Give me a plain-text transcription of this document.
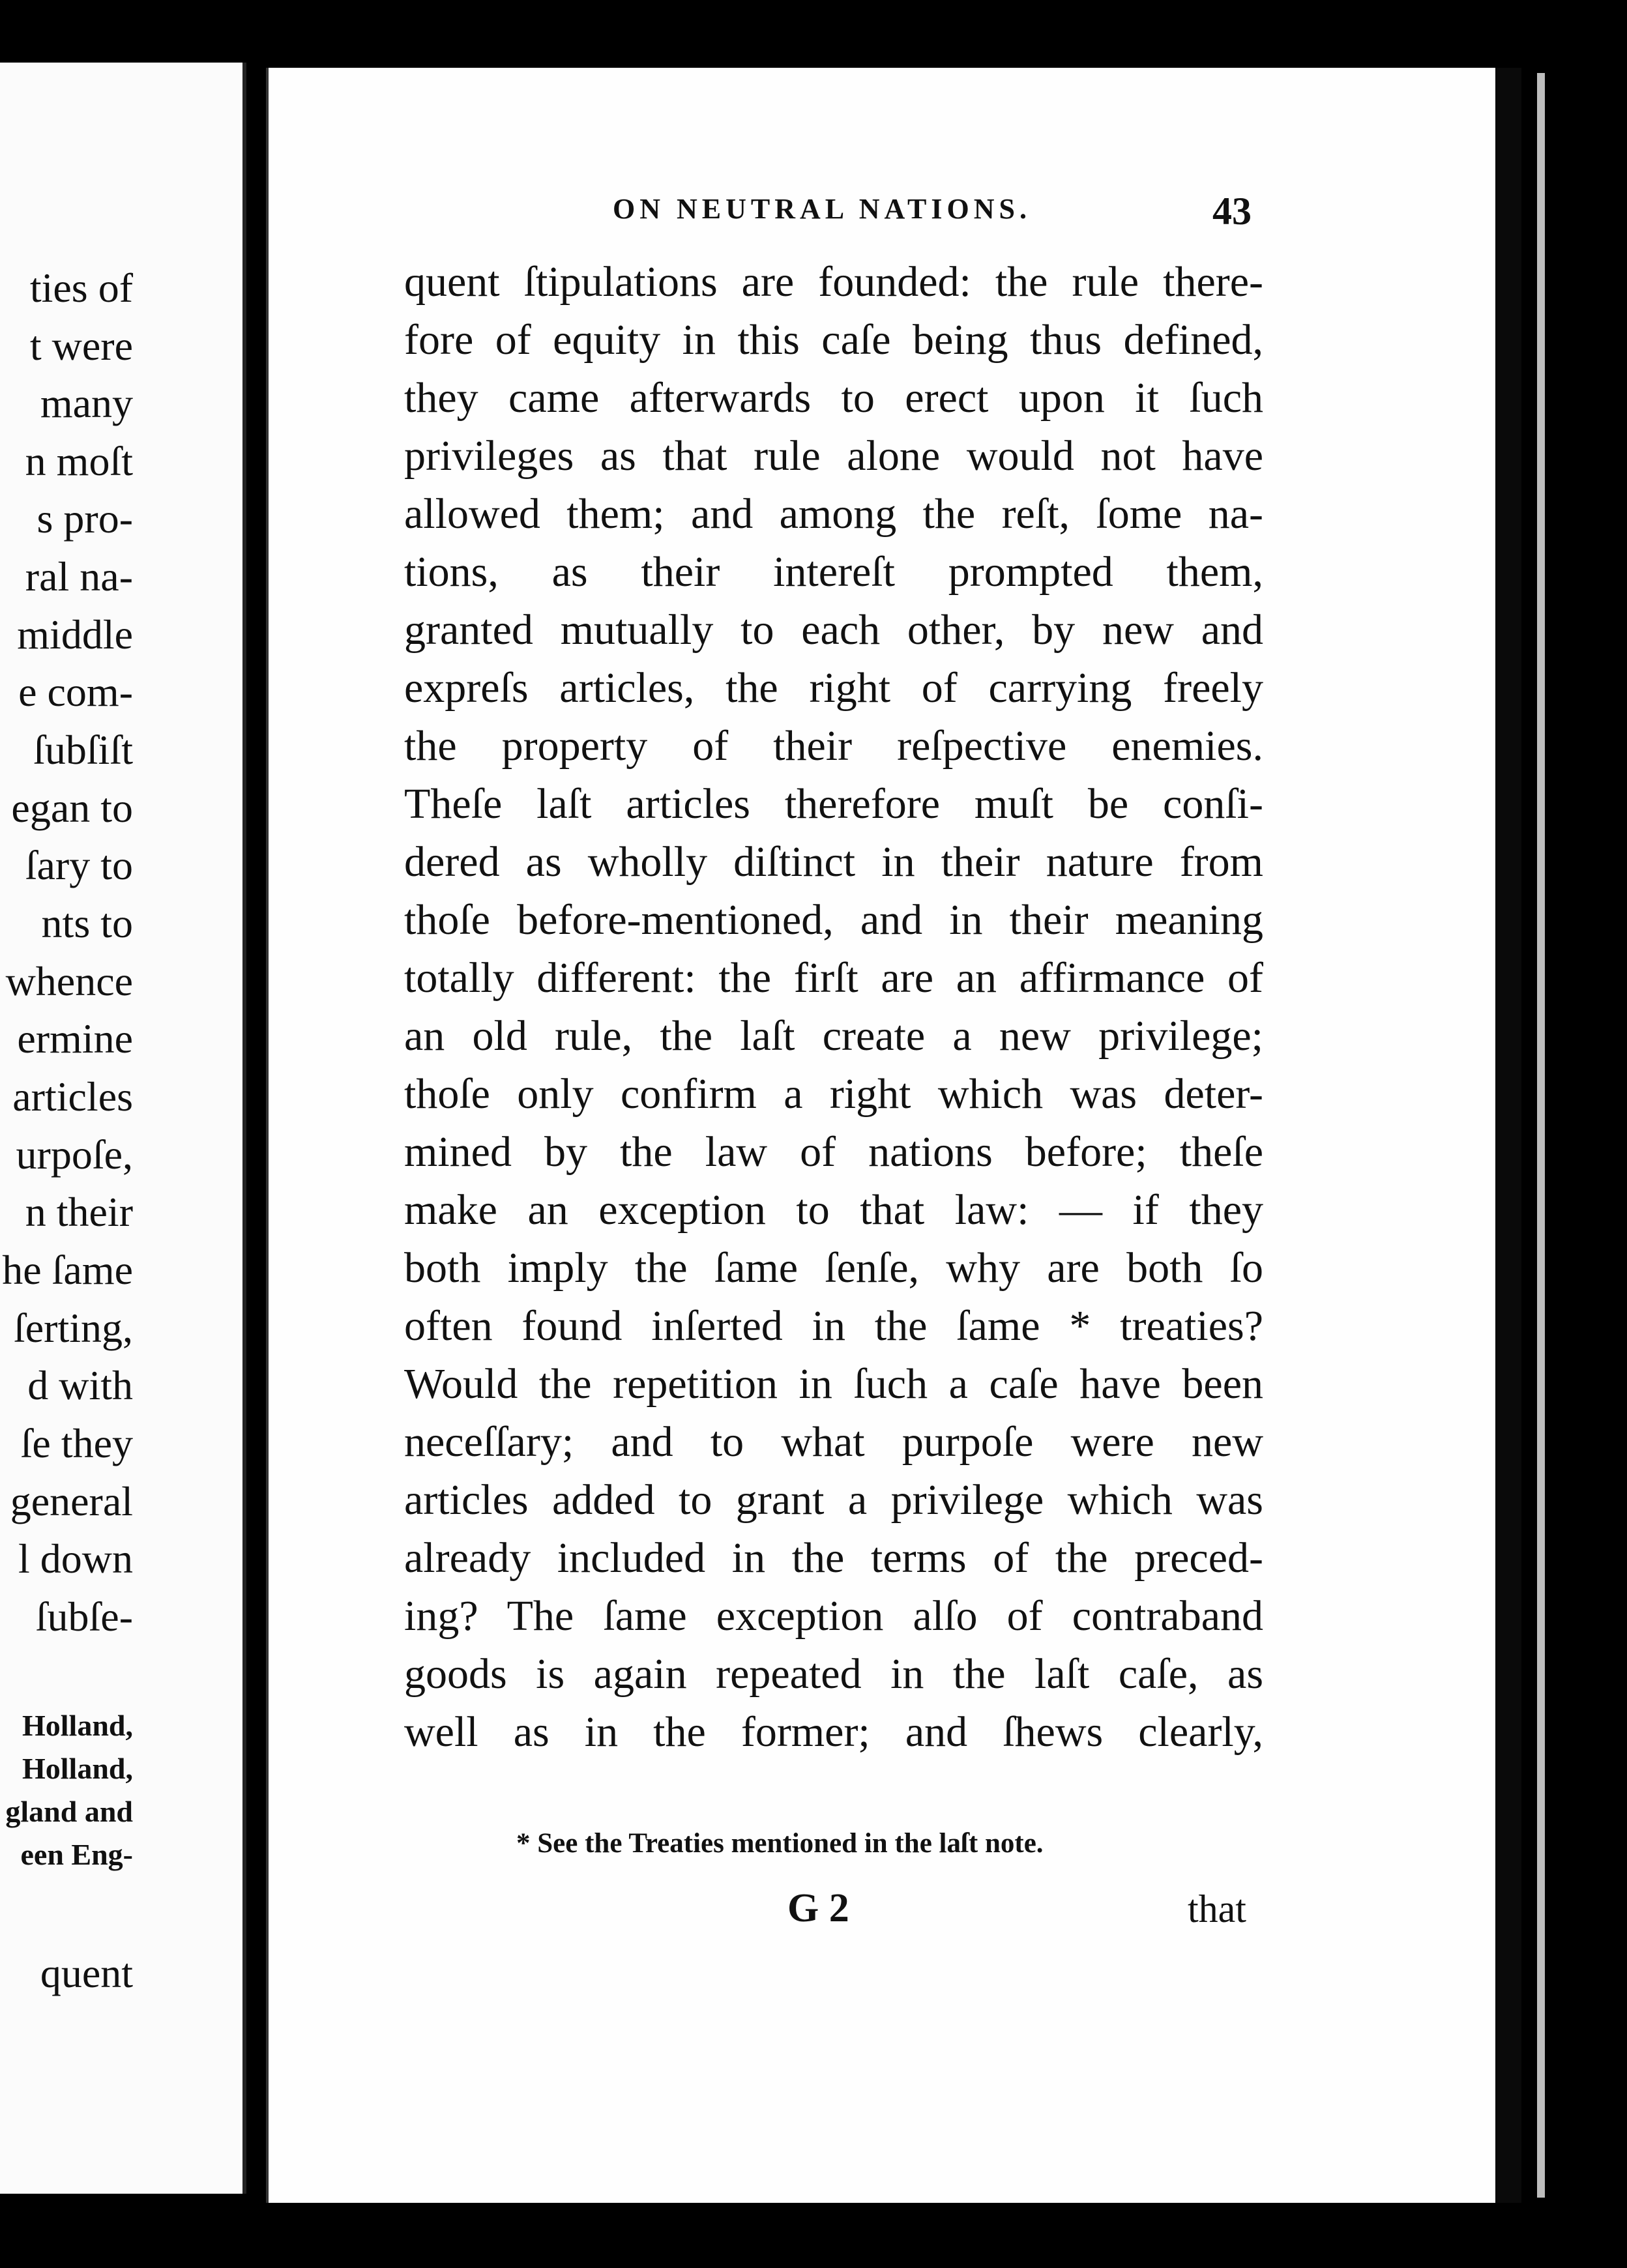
ties of
t were
many
n moſt
s pro-
ral na-
middle
e com-
ſubſiſt
egan to
ſary to
nts to
whence
ermine
articles
urpoſe,
n their
he ſame
ſerting,
d with
ſe they
general
l down
ſubſe-
Holland,
Holland,
gland and
een Eng-
quent
ON NEUTRAL NATIONS.	43
quent ſtipulations are founded: the rule there-
fore of equity in this caſe being thus defined,
they came afterwards to erect upon it ſuch
privileges as that rule alone would not have
allowed them; and among the reſt, ſome na-
tions, as their intereſt prompted them,
granted mutually to each other, by new and
expreſs articles, the right of carrying freely
the property of their reſpective enemies.
Theſe laſt articles therefore muſt be conſi-
dered as wholly diſtinct in their nature from
thoſe before-mentioned, and in their meaning
totally different: the firſt are an affirmance of
an old rule, the laſt create a new privilege;
thoſe only confirm a right which was deter-
mined by the law of nations before; theſe
make an exception to that law: — if they
both imply the ſame ſenſe, why are both ſo
often found inſerted in the ſame * treaties?
Would the repetition in ſuch a caſe have been
neceſſary; and to what purpoſe were new
articles added to grant a privilege which was
already included in the terms of the preced-
ing? The ſame exception alſo of contraband
goods is again repeated in the laſt caſe, as
well as in the former; and ſhews clearly,
* See the Treaties mentioned in the laſt note.
G 2	that
